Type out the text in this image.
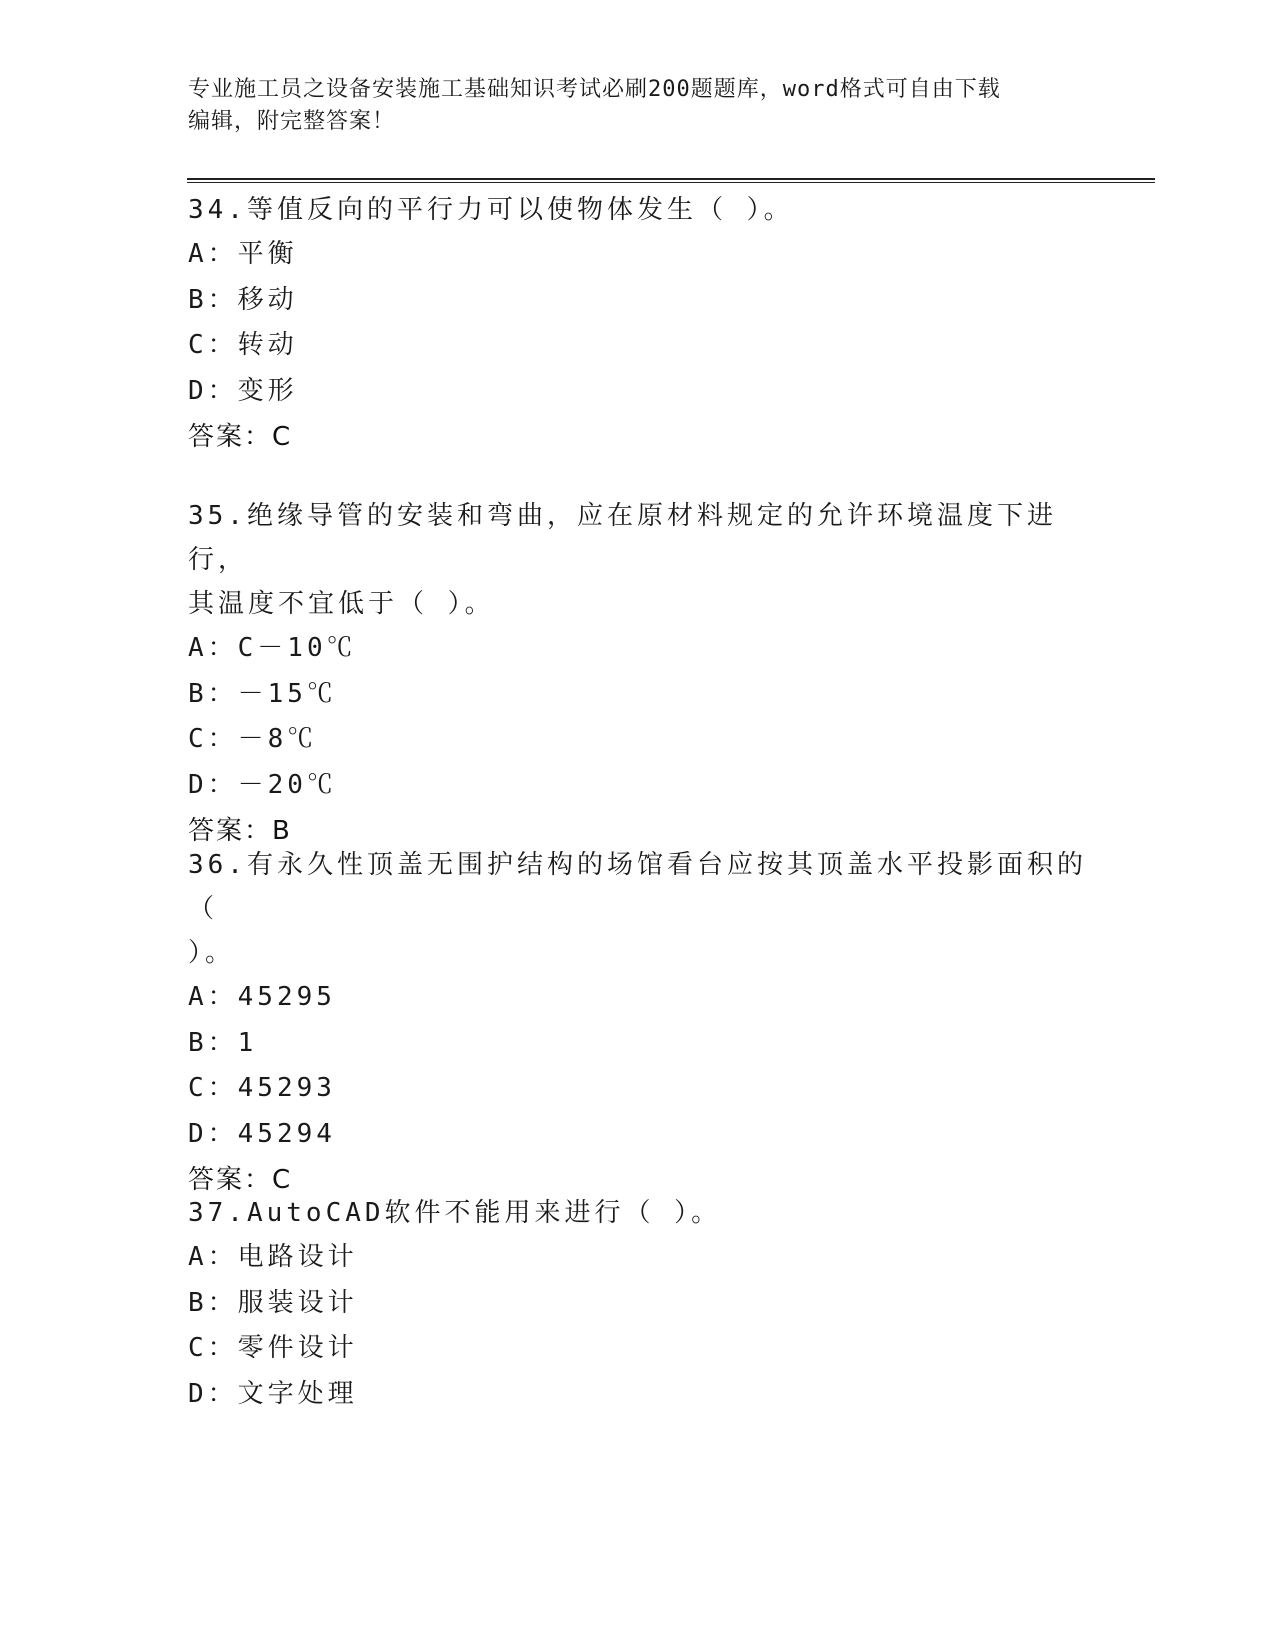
专业施工员之设备安装施工基础知识考试必刷200题题库，word格式可自由下载
编辑，附完整答案！

34.等值反向的平行力可以使物体发生（ ）。

A：平衡

B：移动

C：转动

D：变形

答案：C

35.绝缘导管的安装和弯曲，应在原材料规定的允许环境温度下进行，

其温度不宜低于（ ）。

A：C－10℃

B：－15℃

C：－8℃

D：－20℃

答案：B

36.有永久性顶盖无围护结构的场馆看台应按其顶盖水平投影面积的（

）。

A：45295

B：1

C：45293

D：45294

答案：C

37.AutoCAD软件不能用来进行（ ）。

A：电路设计

B：服装设计

C：零件设计

D：文字处理
